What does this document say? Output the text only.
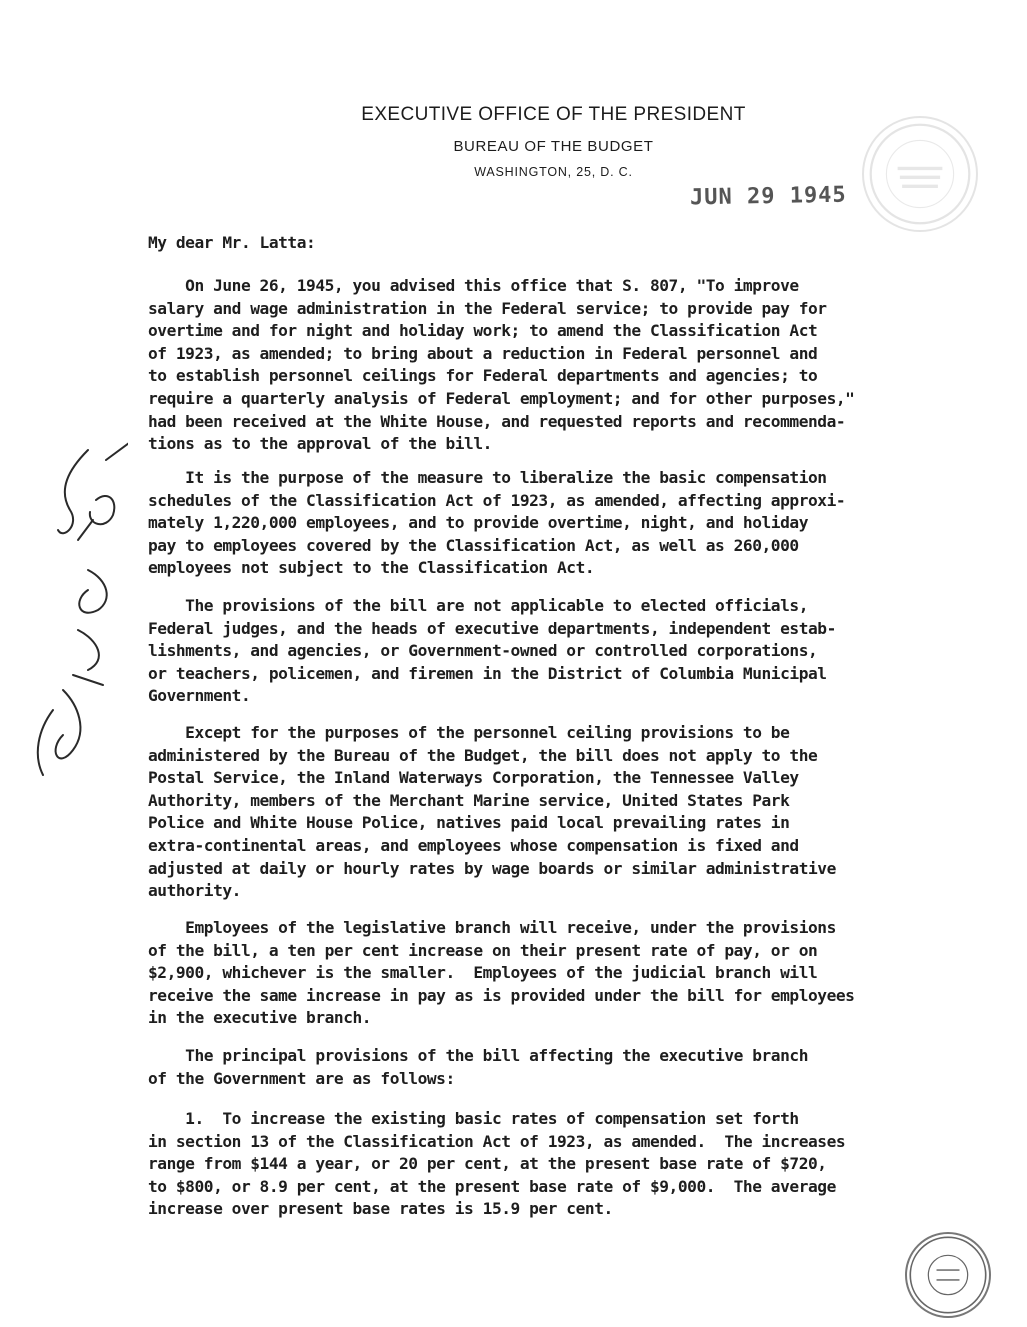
EXECUTIVE OFFICE OF THE PRESIDENT
BUREAU OF THE BUDGET
WASHINGTON, 25, D. C.
JUN 29 1945
My dear Mr. Latta:
On June 26, 1945, you advised this office that S. 807, "To improve
salary and wage administration in the Federal service; to provide pay for
overtime and for night and holiday work; to amend the Classification Act
of 1923, as amended; to bring about a reduction in Federal personnel and
to establish personnel ceilings for Federal departments and agencies; to
require a quarterly analysis of Federal employment; and for other purposes,"
had been received at the White House, and requested reports and recommenda-
tions as to the approval of the bill.
It is the purpose of the measure to liberalize the basic compensation
schedules of the Classification Act of 1923, as amended, affecting approxi-
mately 1,220,000 employees, and to provide overtime, night, and holiday
pay to employees covered by the Classification Act, as well as 260,000
employees not subject to the Classification Act.
The provisions of the bill are not applicable to elected officials,
Federal judges, and the heads of executive departments, independent estab-
lishments, and agencies, or Government-owned or controlled corporations,
or teachers, policemen, and firemen in the District of Columbia Municipal
Government.
Except for the purposes of the personnel ceiling provisions to be
administered by the Bureau of the Budget, the bill does not apply to the
Postal Service, the Inland Waterways Corporation, the Tennessee Valley
Authority, members of the Merchant Marine service, United States Park
Police and White House Police, natives paid local prevailing rates in
extra-continental areas, and employees whose compensation is fixed and
adjusted at daily or hourly rates by wage boards or similar administrative
authority.
Employees of the legislative branch will receive, under the provisions
of the bill, a ten per cent increase on their present rate of pay, or on
$2,900, whichever is the smaller.  Employees of the judicial branch will
receive the same increase in pay as is provided under the bill for employees
in the executive branch.
The principal provisions of the bill affecting the executive branch
of the Government are as follows:
1.  To increase the existing basic rates of compensation set forth
in section 13 of the Classification Act of 1923, as amended.  The increases
range from $144 a year, or 20 per cent, at the present base rate of $720,
to $800, or 8.9 per cent, at the present base rate of $9,000.  The average
increase over present base rates is 15.9 per cent.
